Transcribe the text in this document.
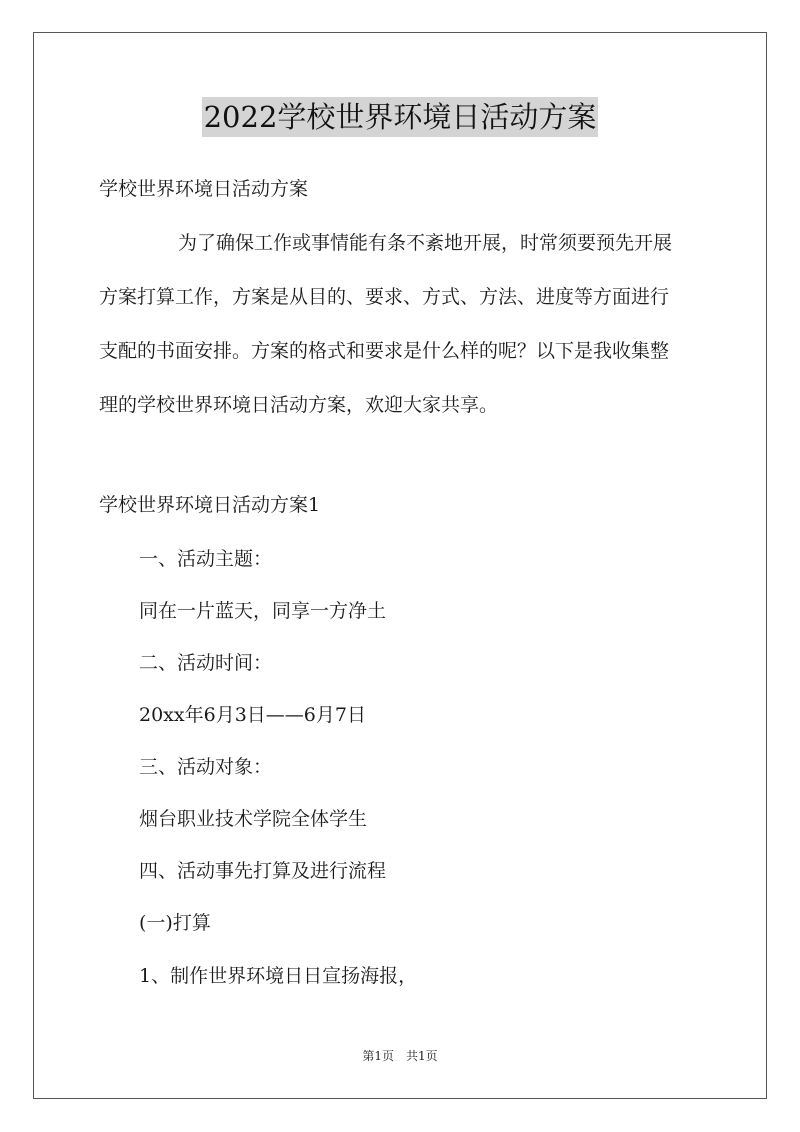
2022学校世界环境日活动方案
学校世界环境日活动方案
为了确保工作或事情能有条不紊地开展，时常须要预先开展
方案打算工作，方案是从目的、要求、方式、方法、进度等方面进行
支配的书面安排。方案的格式和要求是什么样的呢？以下是我收集整
理的学校世界环境日活动方案，欢迎大家共享。
学校世界环境日活动方案1
一、活动主题：
同在一片蓝天，同享一方净土
二、活动时间：
20xx年6月3日——6月7日
三、活动对象：
烟台职业技术学院全体学生
四、活动事先打算及进行流程
(一)打算
1、制作世界环境日日宣扬海报，
第1页　共1页
